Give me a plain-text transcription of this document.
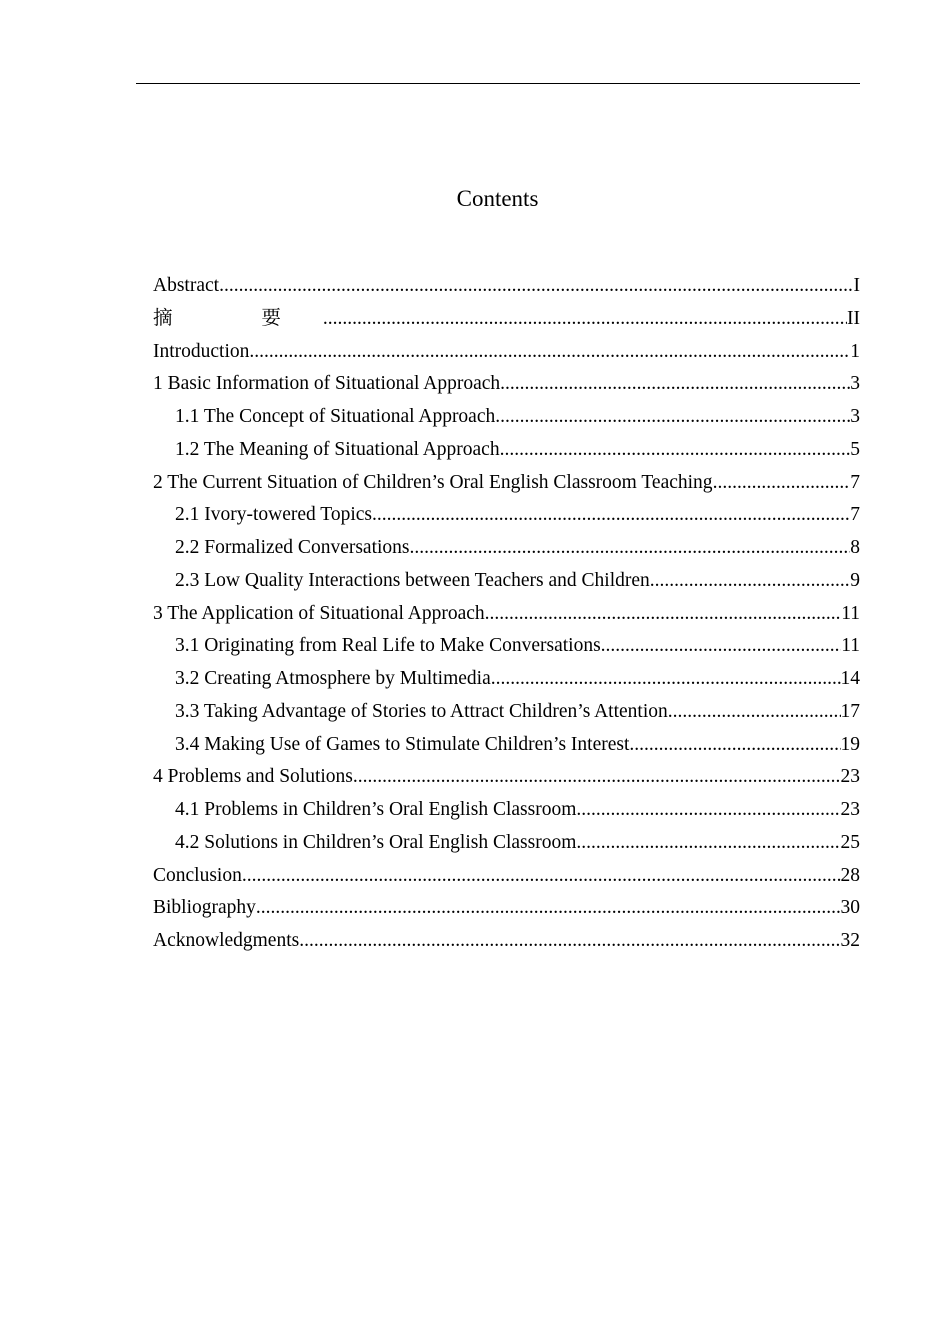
Contents
Abstract .....	I
摘 要 .....	II
Introduction .....	1
1 Basic Information of Situational Approach .....	3
1.1 The Concept of Situational Approach .....	3
1.2 The Meaning of Situational Approach .....	5
2 The Current Situation of Children’s Oral English Classroom Teaching .....	7
2.1 Ivory-towered Topics .....	7
2.2 Formalized Conversations .....	8
2.3 Low Quality Interactions between Teachers and Children .....	9
3 The Application of Situational Approach .....	11
3.1 Originating from Real Life to Make Conversations .....	11
3.2 Creating Atmosphere by Multimedia .....	14
3.3 Taking Advantage of Stories to Attract Children’s Attention .....	17
3.4 Making Use of Games to Stimulate Children’s Interest .....	19
4 Problems and Solutions .....	23
4.1 Problems in Children’s Oral English Classroom .....	23
4.2 Solutions in Children’s Oral English Classroom .....	25
Conclusion .....	28
Bibliography .....	30
Acknowledgments .....	32
